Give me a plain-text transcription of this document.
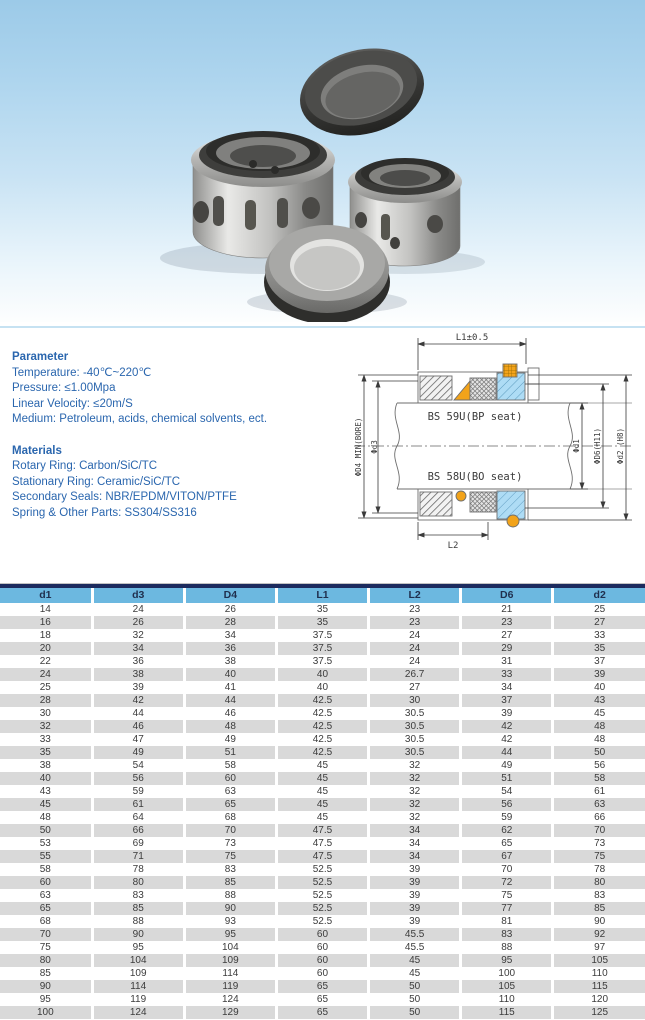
Parameter
Temperature: -40℃~220℃
Pressure: ≤1.00Mpa
Linear Velocity: ≤20m/S
Medium: Petroleum, acids, chemical solvents, ect.
Materials
Rotary Ring: Carbon/SiC/TC
Stationary Ring: Ceramic/SiC/TC
Secondary Seals: NBR/EPDM/VITON/PTFE
Spring & Other Parts: SS304/SS316
L1±0.5
L2
BS 59U(BP seat)
BS 58U(BO seat)
ΦD4 MIN(BORE) Φd3	Φd1 ΦD6(H11) Φd2 (H8)
d1	d3	D4	L1	L2	D6	d2
14	24	26	35	23	21	25
16	26	28	35	23	23	27
18	32	34	37.5	24	27	33
20	34	36	37.5	24	29	35
22	36	38	37.5	24	31	37
24	38	40	40	26.7	33	39
25	39	41	40	27	34	40
28	42	44	42.5	30	37	43
30	44	46	42.5	30.5	39	45
32	46	48	42.5	30.5	42	48
33	47	49	42.5	30.5	42	48
35	49	51	42.5	30.5	44	50
38	54	58	45	32	49	56
40	56	60	45	32	51	58
43	59	63	45	32	54	61
45	61	65	45	32	56	63
48	64	68	45	32	59	66
50	66	70	47.5	34	62	70
53	69	73	47.5	34	65	73
55	71	75	47.5	34	67	75
58	78	83	52.5	39	70	78
60	80	85	52.5	39	72	80
63	83	88	52.5	39	75	83
65	85	90	52.5	39	77	85
68	88	93	52.5	39	81	90
70	90	95	60	45.5	83	92
75	95	104	60	45.5	88	97
80	104	109	60	45	95	105
85	109	114	60	45	100	110
90	114	119	65	50	105	115
95	119	124	65	50	110	120
100	124	129	65	50	115	125
